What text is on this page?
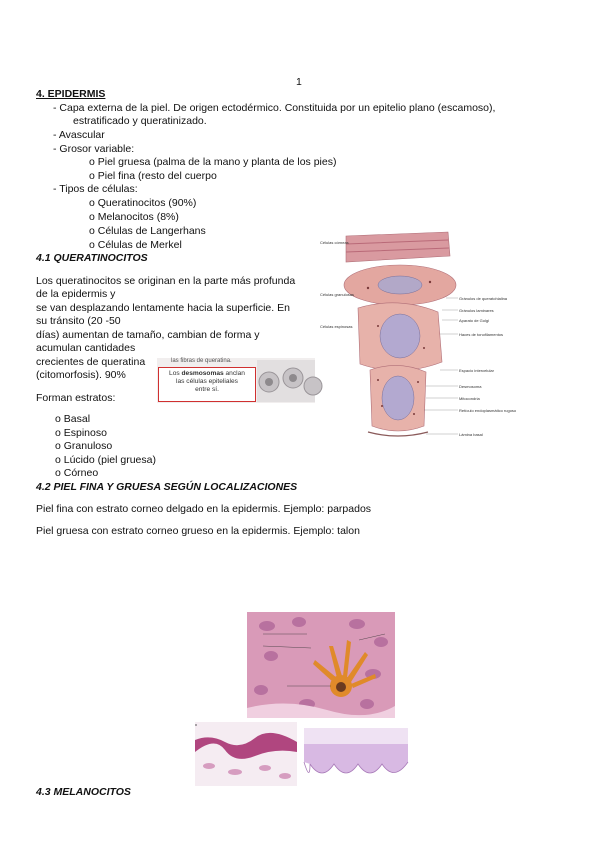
1
4. EPIDERMIS
- Capa externa de la piel. De origen ectodérmico. Constituida por un epitelio plano (escamoso),
estratificado y queratinizado.
- Avascular
- Grosor variable:
o Piel gruesa (palma de la mano y planta de los pies)
o Piel fina (resto del cuerpo
- Tipos de células:
o Queratinocitos (90%)
o Melanocitos (8%)
o Células de Langerhans
o Células de Merkel
4.1 QUERATINOCITOS
Los queratinocitos se originan en la parte más profunda
de la epidermis y
se van desplazando lentamente hacia la superficie. En
su tránsito (20 -50
días) aumentan de tamaño, cambian de forma y
acumulan cantidades
crecientes de queratina
(citomorfosis). 90%
Forman estratos:
o Basal
o Espinoso
o Granuloso
o Lúcido (piel gruesa)
o Córneo
las fibras de queratina.
Los desmosomas anclan
las células epiteliales
entre sí.
Células córneas
Células granulosas
Células espinosas
Gránulos de queratohialina
Gránulos laminares
Aparato de Golgi
Haces de tonofilamentos
Espacio intercelular
Desmosoma
Mitocondria
Retículo endoplasmático rugoso
Lámina basal
4.2 PIEL FINA Y GRUESA SEGÚN LOCALIZACIONES
Piel fina con estrato corneo delgado en la epidermis. Ejemplo: parpados
Piel gruesa con estrato corneo grueso en la epidermis. Ejemplo: talon
4.3 MELANOCITOS
